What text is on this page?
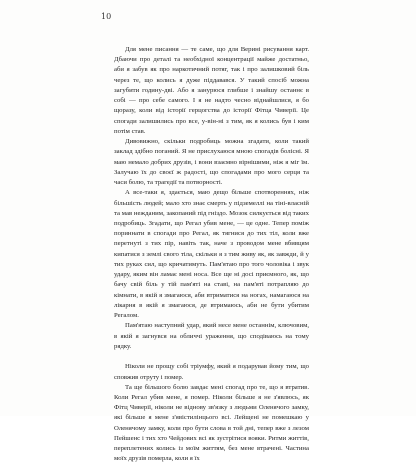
10

Для мене писання — те саме, що для Верині рисування карт. Дбаючи про деталі та необхідної концентрації майже достатньо, аби я забув як про наркотичний потяг, так і про залишковий біль через те, що колись я дуже піддавався. У такий спосіб можна загубити годину-дві. Або я занурюся глибше і знайшу останнє в собі — про себе самого. І я не надто чесно віднайшлися, я бо щоразу, коли від історії герцогства до історії Фітца Чиверії. Це спогади залишились про все, у-він-ні з тим, як я колись був і ким потім став.

Дивовижно, скільки подробиць можна згадати, коли такий заклад здібно поганий. Я не прислухаюся мною спогадів болісні. Я маю немало добрих друзів, і вони взаємно вірнішими, ніж я міг їм. Залучаю їх до своєї ж радості, що спогадами про мого серця та часи болю, та трагедії та потворності.

А все-таки я, здається, маю дещо більше спотвореннях, ніж більшість людей; мало хто знає смерть у підземеллі на тіні-власній та мав нежданим, закопаний під гніздо. Мозок силкується від таких подробиць. Згадати, що Регал убив мене, — це одне. Тепер поміж пориннати в спогади про Регал, як тягнися до тих тіл, коли вже перетнуті з тих пір, навіть так, наче з проводом мене вбивцям кипатися з землі свого тіла, скільки я з тим живу як, як завжди, й у тих руках сил, що кричатимуть. Пам'ятаю про того чоловіка і звук удару, яким він ламає мені носа. Все ще ні досі приємного, як, що бачу свій біль у тій пам'яті на ставі, на пам'яті потрапляю до кімнати, в якій я змагаюся, аби втриматися на ногах, намагаюся на лікарня в якій я змагаюся, де втримаюсь, аби не бути убитим Регалом.

Пам'ятаю наступний удар, який несе мене останнім, ключовим, в якій я загнувся на обличчі ураження, що сподіваюсь на тому рядку.

Ніколи не прощу собі тріумфу, який я подарував йому тим, що сповжив отруту і помер.

Та ще більшого болю завдає мені спогад про те, що я втратив. Коли Регал убив мене, я помер. Ніколи більше я не з'явлюсь, як Фітц Чиверії, ніколи не віднову зв'язку з людьми Оленячого замку, які більше я мене з'явістилінцього всі. Лейщені не помешкаю у Оленячому замку, коли про бути слова в той дні, тепер вже з лезом Пейшенс і тих хто Чейдових всі як зустрітися вояки. Ритми життів, переплетених колись із моїм життям, без мене втрачені. Частина моїх друзів померла, коли я їх
